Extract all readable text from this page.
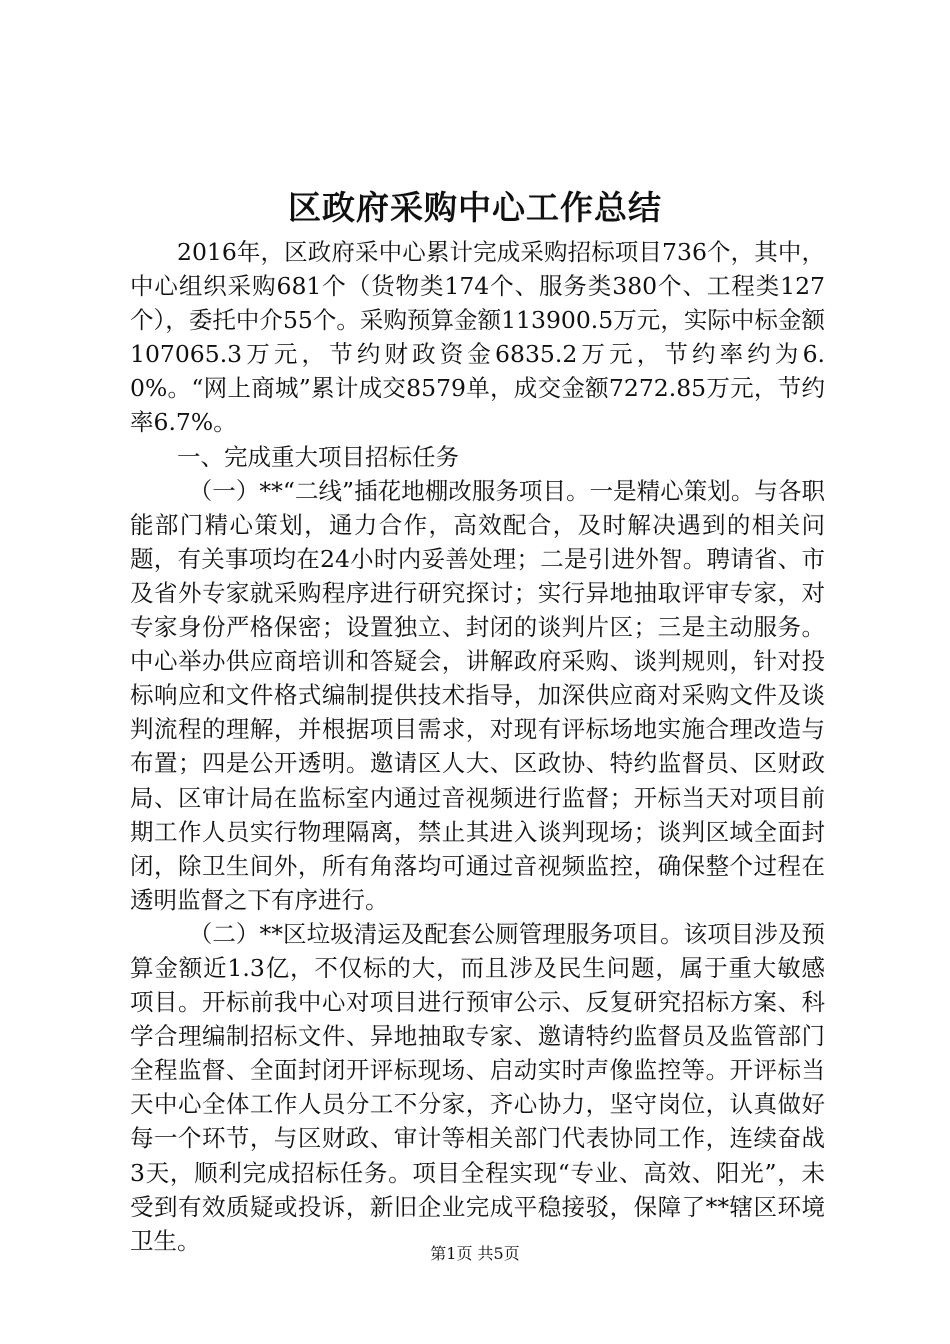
区政府采购中心工作总结

2016年，区政府采中心累计完成采购招标项目736个，其中，中心组织采购681个（货物类174个、服务类380个、工程类127个），委托中介55个。采购预算金额113900.5万元，实际中标金额107065.3万元，节约财政资金6835.2万元，节约率约为6.0%。“网上商城”累计成交8579单，成交金额7272.85万元，节约率6.7%。

一、完成重大项目招标任务

（一）**“二线”插花地棚改服务项目。一是精心策划。与各职能部门精心策划，通力合作，高效配合，及时解决遇到的相关问题，有关事项均在24小时内妥善处理；二是引进外智。聘请省、市及省外专家就采购程序进行研究探讨；实行异地抽取评审专家，对专家身份严格保密；设置独立、封闭的谈判片区；三是主动服务。中心举办供应商培训和答疑会，讲解政府采购、谈判规则，针对投标响应和文件格式编制提供技术指导，加深供应商对采购文件及谈判流程的理解，并根据项目需求，对现有评标场地实施合理改造与布置；四是公开透明。邀请区人大、区政协、特约监督员、区财政局、区审计局在监标室内通过音视频进行监督；开标当天对项目前期工作人员实行物理隔离，禁止其进入谈判现场；谈判区域全面封闭，除卫生间外，所有角落均可通过音视频监控，确保整个过程在透明监督之下有序进行。

（二）**区垃圾清运及配套公厕管理服务项目。该项目涉及预算金额近1.3亿，不仅标的大，而且涉及民生问题，属于重大敏感项目。开标前我中心对项目进行预审公示、反复研究招标方案、科学合理编制招标文件、异地抽取专家、邀请特约监督员及监管部门全程监督、全面封闭开评标现场、启动实时声像监控等。开评标当天中心全体工作人员分工不分家，齐心协力，坚守岗位，认真做好每一个环节，与区财政、审计等相关部门代表协同工作，连续奋战3天，顺利完成招标任务。项目全程实现“专业、高效、阳光”，未受到有效质疑或投诉，新旧企业完成平稳接驳，保障了**辖区环境卫生。	第1页 共5页
